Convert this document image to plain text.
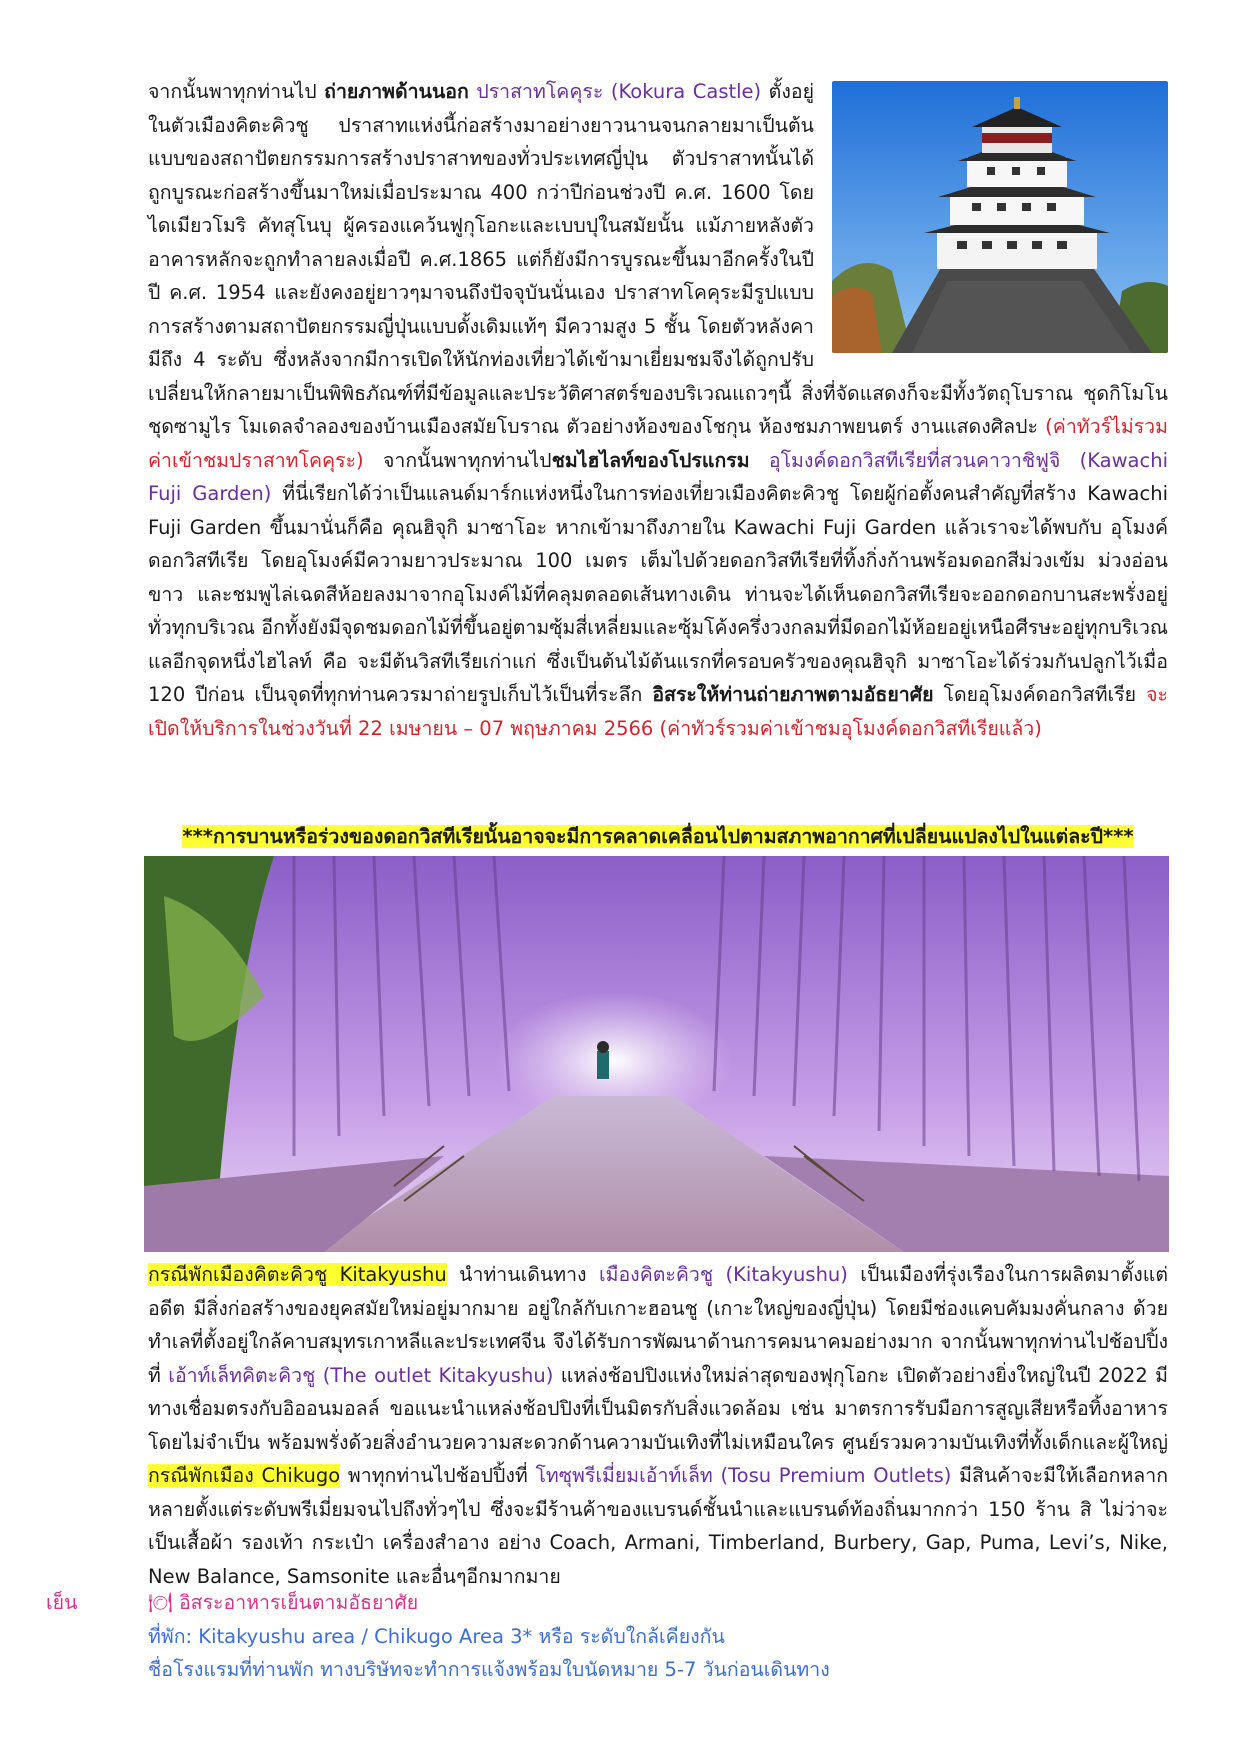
จากนั้นพาทุกท่านไป ถ่ายภาพด้านนอก ปราสาทโคคุระ (Kokura Castle) ตั้งอยู่ในตัวเมืองคิตะคิวชู ปราสาทแห่งนี้ก่อสร้างมาอย่างยาวนานจนกลายมาเป็นต้นแบบของสถาปัตยกรรมการสร้างปราสาทของทั่วประเทศญี่ปุ่น ตัวปราสาทนั้นได้ถูกบูรณะก่อสร้างขึ้นมาใหม่เมื่อประมาณ 400 กว่าปีก่อนช่วงปี ค.ศ. 1600 โดยไดเมียวโมริ คัทสุโนบุ ผู้ครองแคว้นฟูกุโอกะและเบบปุในสมัยนั้น แม้ภายหลังตัวอาคารหลักจะถูกทำลายลงเมื่อปี ค.ศ.1865 แต่ก็ยังมีการบูรณะขึ้นมาอีกครั้งในปี ปี ค.ศ. 1954 และยังคงอยู่ยาวๆมาจนถึงปัจจุบันนั่นเอง ปราสาทโคคุระมีรูปแบบการสร้างตามสถาปัตยกรรมญี่ปุ่นแบบดั้งเดิมแท้ๆ มีความสูง 5 ชั้น โดยตัวหลังคามีถึง 4 ระดับ ซึ่งหลังจากมีการเปิดให้นักท่องเที่ยวได้เข้ามาเยี่ยมชมจึงได้ถูกปรับเปลี่ยนให้กลายมาเป็นพิพิธภัณฑ์ที่มีข้อมูลและประวัติศาสตร์ของบริเวณแถวๆนี้ สิ่งที่จัดแสดงก็จะมีทั้งวัตถุโบราณ ชุดกิโมโน ชุดซามูไร โมเดลจำลองของบ้านเมืองสมัยโบราณ ตัวอย่างห้องของโชกุน ห้องชมภาพยนตร์ งานแสดงศิลปะ (ค่าทัวร์ไม่รวมค่าเข้าชมปราสาทโคคุระ) จากนั้นพาทุกท่านไปชมไฮไลท์ของโปรแกรม อุโมงค์ดอกวิสทีเรียที่สวนคาวาชิฟูจิ (Kawachi Fuji Garden) ที่นี่เรียกได้ว่าเป็นแลนด์มาร์กแห่งหนึ่งในการท่องเที่ยวเมืองคิตะคิวชู โดยผู้ก่อตั้งคนสำคัญที่สร้าง Kawachi Fuji Garden ขึ้นมานั่นก็คือ คุณฮิจุกิ มาซาโอะ หากเข้ามาถึงภายใน Kawachi Fuji Garden แล้วเราจะได้พบกับ อุโมงค์ดอกวิสทีเรีย โดยอุโมงค์มีความยาวประมาณ 100 เมตร เต็มไปด้วยดอกวิสทีเรียที่ทิ้งกิ่งก้านพร้อมดอกสีม่วงเข้ม ม่วงอ่อน ขาว และชมพูไล่เฉดสีห้อยลงมาจากอุโมงค์ไม้ที่คลุมตลอดเส้นทางเดิน ท่านจะได้เห็นดอกวิสทีเรียจะออกดอกบานสะพรั่งอยู่ทั่วทุกบริเวณ อีกทั้งยังมีจุดชมดอกไม้ที่ขึ้นอยู่ตามซุ้มสี่เหลี่ยมและซุ้มโค้งครึ่งวงกลมที่มีดอกไม้ห้อยอยู่เหนือศีรษะอยู่ทุกบริเวณ แลอีกจุดหนึ่งไฮไลท์ คือ จะมีต้นวิสทีเรียเก่าแก่ ซึ่งเป็นต้นไม้ต้นแรกที่ครอบครัวของคุณฮิจุกิ มาซาโอะได้ร่วมกันปลูกไว้เมื่อ 120 ปีก่อน เป็นจุดที่ทุกท่านควรมาถ่ายรูปเก็บไว้เป็นที่ระลึก อิสระให้ท่านถ่ายภาพตามอัธยาศัย โดยอุโมงค์ดอกวิสทีเรีย จะเปิดให้บริการในช่วงวันที่ 22 เมษายน – 07 พฤษภาคม 2566 (ค่าทัวร์รวมค่าเข้าชมอุโมงค์ดอกวิสทีเรียแล้ว)
***การบานหรือร่วงของดอกวิสทีเรียนั้นอาจจะมีการคลาดเคลื่อนไปตามสภาพอากาศที่เปลี่ยนแปลงไปในแต่ละปี***
กรณีพักเมืองคิตะคิวชู Kitakyushu นำท่านเดินทาง เมืองคิตะคิวชู (Kitakyushu) เป็นเมืองที่รุ่งเรืองในการผลิตมาตั้งแต่อดีต มีสิ่งก่อสร้างของยุคสมัยใหม่อยู่มากมาย อยู่ใกล้กับเกาะฮอนชู (เกาะใหญ่ของญี่ปุ่น) โดยมีช่องแคบคัมมงคั่นกลาง ด้วยทำเลที่ตั้งอยู่ใกล้คาบสมุทรเกาหลีและประเทศจีน จึงได้รับการพัฒนาด้านการคมนาคมอย่างมาก จากนั้นพาทุกท่านไปช้อปปิ้งที่ เอ้าท์เล็ทคิตะคิวชู (The outlet Kitakyushu) แหล่งช้อปปิงแห่งใหม่ล่าสุดของฟุกุโอกะ เปิดตัวอย่างยิ่งใหญ่ในปี 2022 มีทางเชื่อมตรงกับอิออนมอลล์ ขอแนะนำแหล่งช้อปปิงที่เป็นมิตรกับสิ่งแวดล้อม เช่น มาตรการรับมือการสูญเสียหรือทิ้งอาหารโดยไม่จำเป็น พร้อมพรั่งด้วยสิ่งอำนวยความสะดวกด้านความบันเทิงที่ไม่เหมือนใคร ศูนย์รวมความบันเทิงที่ทั้งเด็กและผู้ใหญ่ กรณีพักเมือง Chikugo พาทุกท่านไปช้อปปิ้งที่ โทซุพรีเมี่ยมเอ้าท์เล็ท (Tosu Premium Outlets) มีสินค้าจะมีให้เลือกหลากหลายตั้งแต่ระดับพรีเมี่ยมจนไปถึงทั่วๆไป ซึ่งจะมีร้านค้าของแบรนด์ชั้นนำและแบรนด์ท้องถิ่นมากกว่า 150 ร้าน สิ ไม่ว่าจะเป็นเสื้อผ้า รองเท้า กระเป๋า เครื่องสำอาง อย่าง Coach, Armani, Timberland, Burbery, Gap, Puma, Levi’s, Nike, New Balance, Samsonite และอื่นๆอีกมากมาย
เย็น	🍽 อิสระอาหารเย็นตามอัธยาศัย
ที่พัก: Kitakyushu area / Chikugo Area 3* หรือ ระดับใกล้เคียงกัน
ชื่อโรงแรมที่ท่านพัก ทางบริษัทจะทำการแจ้งพร้อมใบนัดหมาย 5-7 วันก่อนเดินทาง
